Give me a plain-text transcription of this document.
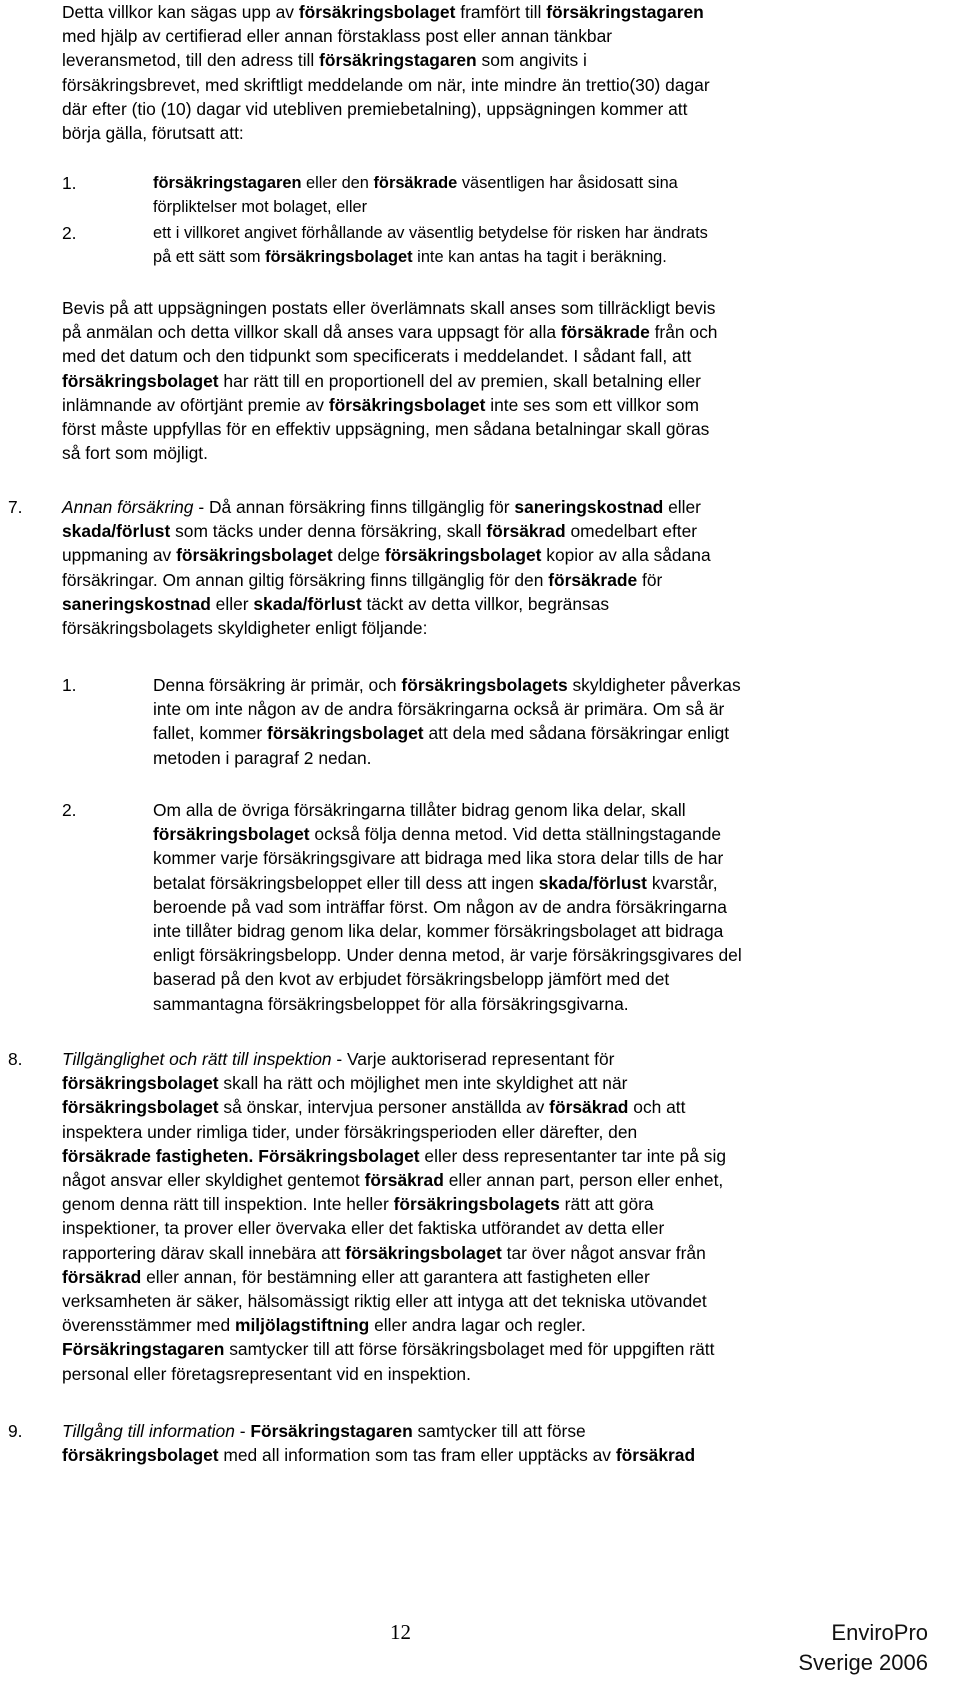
Detta villkor kan sägas upp av försäkringsbolaget framfört till försäkringstagaren
med hjälp av certifierad eller annan förstaklass post eller annan tänkbar
leveransmetod, till den adress till försäkringstagaren som angivits i
försäkringsbrevet, med skriftligt meddelande om när, inte mindre än trettio(30) dagar
där efter (tio (10) dagar vid utebliven premiebetalning), uppsägningen kommer att
börja gälla, förutsatt att:
1.	försäkringstagaren eller den försäkrade väsentligen har åsidosatt sina
förpliktelser mot bolaget, eller
2.	ett i villkoret angivet förhållande av väsentlig betydelse för risken har ändrats
på ett sätt som försäkringsbolaget inte kan antas ha tagit i beräkning.
Bevis på att uppsägningen postats eller överlämnats skall anses som tillräckligt bevis
på anmälan och detta villkor skall då anses vara uppsagt för alla försäkrade från och
med det datum och den tidpunkt som specificerats i meddelandet. I sådant fall, att
försäkringsbolaget har rätt till en proportionell del av premien, skall betalning eller
inlämnande av oförtjänt premie av försäkringsbolaget inte ses som ett villkor som
först måste uppfyllas för en effektiv uppsägning, men sådana betalningar skall göras
så fort som möjligt.
7. Annan försäkring - Då annan försäkring finns tillgänglig för saneringskostnad eller
skada/förlust som täcks under denna försäkring, skall försäkrad omedelbart efter
uppmaning av försäkringsbolaget delge försäkringsbolaget kopior av alla sådana
försäkringar. Om annan giltig försäkring finns tillgänglig för den försäkrade för
saneringskostnad eller skada/förlust täckt av detta villkor, begränsas
försäkringsbolagets skyldigheter enligt följande:
1.	Denna försäkring är primär, och försäkringsbolagets skyldigheter påverkas
inte om inte någon av de andra försäkringarna också är primära. Om så är
fallet, kommer försäkringsbolaget att dela med sådana försäkringar enligt
metoden i paragraf 2 nedan.
2.	Om alla de övriga försäkringarna tillåter bidrag genom lika delar, skall
försäkringsbolaget också följa denna metod. Vid detta ställningstagande
kommer varje försäkringsgivare att bidraga med lika stora delar tills de har
betalat försäkringsbeloppet eller till dess att ingen skada/förlust kvarstår,
beroende på vad som inträffar först. Om någon av de andra försäkringarna
inte tillåter bidrag genom lika delar, kommer försäkringsbolaget att bidraga
enligt försäkringsbelopp. Under denna metod, är varje försäkringsgivares del
baserad på den kvot av erbjudet försäkringsbelopp jämfört med det
sammantagna försäkringsbeloppet för alla försäkringsgivarna.
8. Tillgänglighet och rätt till inspektion - Varje auktoriserad representant för
försäkringsbolaget skall ha rätt och möjlighet men inte skyldighet att när
försäkringsbolaget så önskar, intervjua personer anställda av försäkrad och att
inspektera under rimliga tider, under försäkringsperioden eller därefter, den
försäkrade fastigheten. Försäkringsbolaget eller dess representanter tar inte på sig
något ansvar eller skyldighet gentemot försäkrad eller annan part, person eller enhet,
genom denna rätt till inspektion. Inte heller försäkringsbolagets rätt att göra
inspektioner, ta prover eller övervaka eller det faktiska utförandet av detta eller
rapportering därav skall innebära att försäkringsbolaget tar över något ansvar från
försäkrad eller annan, för bestämning eller att garantera att fastigheten eller
verksamheten är säker, hälsomässigt riktig eller att intyga att det tekniska utövandet
överensstämmer med miljölagstiftning eller andra lagar och regler.
Försäkringstagaren samtycker till att förse försäkringsbolaget med för uppgiften rätt
personal eller företagsrepresentant vid en inspektion.
9. Tillgång till information - Försäkringstagaren samtycker till att förse
försäkringsbolaget med all information som tas fram eller upptäcks av försäkrad
12	EnviroPro
Sverige 2006
